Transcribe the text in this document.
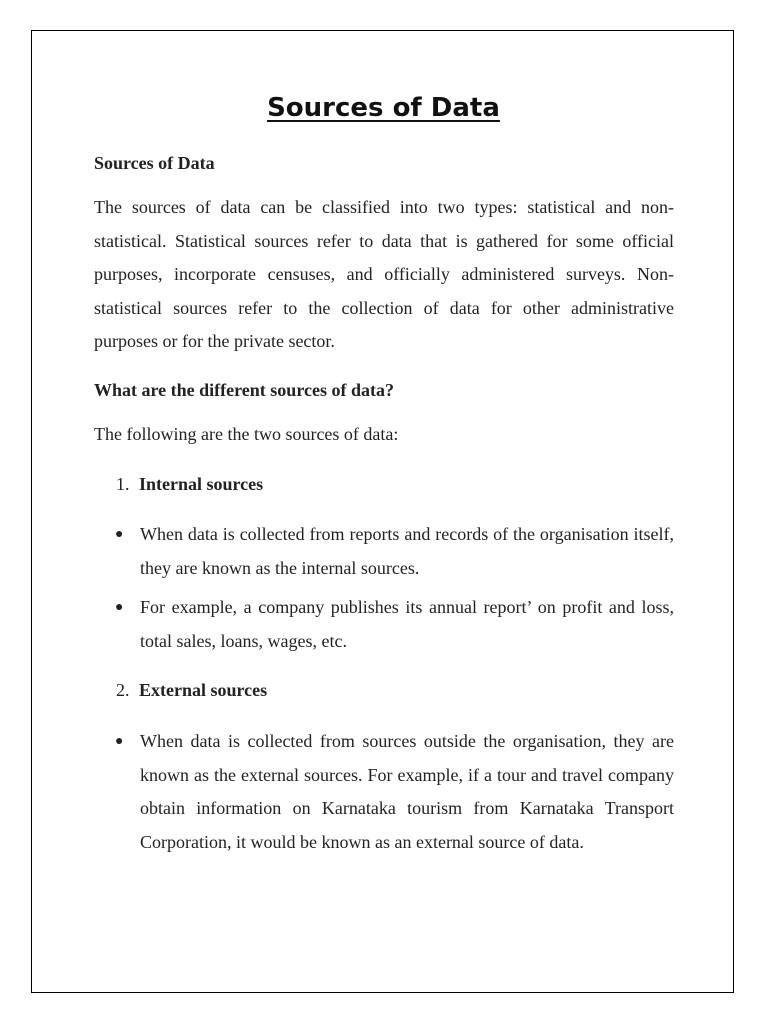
Sources of Data

Sources of Data

The sources of data can be classified into two types: statistical and non-statistical. Statistical sources refer to data that is gathered for some official purposes, incorporate censuses, and officially administered surveys. Non-statistical sources refer to the collection of data for other administrative purposes or for the private sector.

What are the different sources of data?

The following are the two sources of data:

1. Internal sources

● When data is collected from reports and records of the organisation itself, they are known as the internal sources.
● For example, a company publishes its annual report’ on profit and loss, total sales, loans, wages, etc.

2. External sources

● When data is collected from sources outside the organisation, they are known as the external sources. For example, if a tour and travel company obtain information on Karnataka tourism from Karnataka Transport Corporation, it would be known as an external source of data.
